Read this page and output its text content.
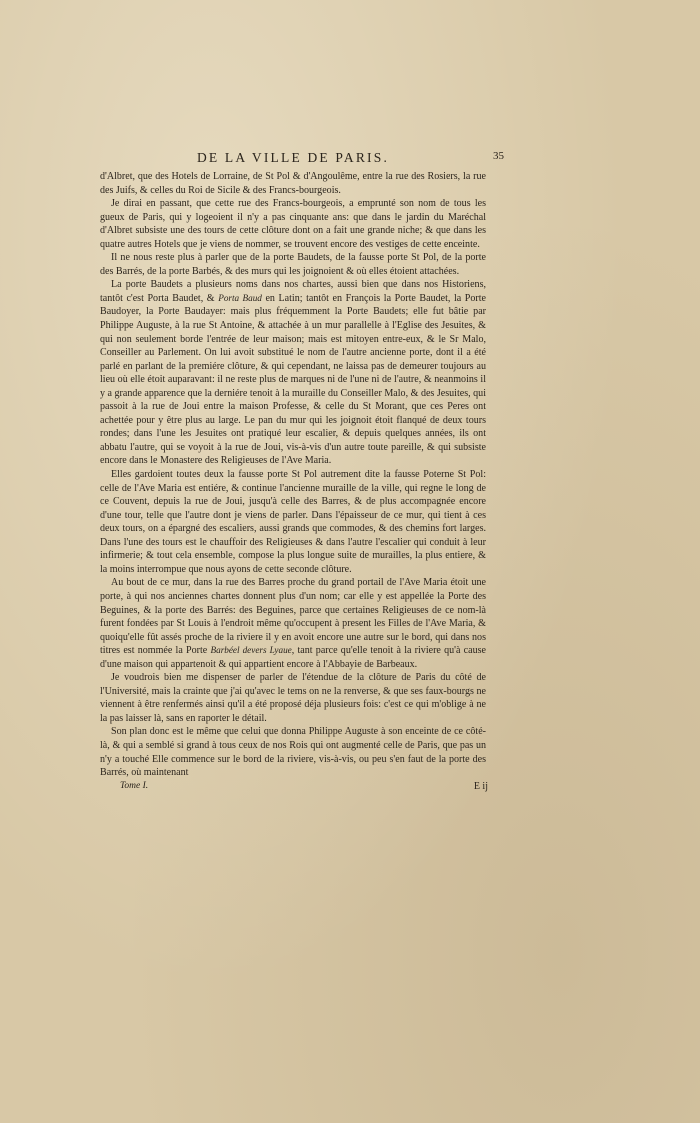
DE LA VILLE DE PARIS.	35

d'Albret, que des Hotels de Lorraine, de St Pol & d'Angoulême, entre la rue des Rosiers, la rue des Juifs, & celles du Roi de Sicile & des Francs-bourgeois.

Je dirai en passant, que cette rue des Francs-bourgeois, a emprunté son nom de tous les gueux de Paris, qui y logeoient il n'y a pas cinquante ans: que dans le jardin du Maréchal d'Albret subsiste une des tours de cette clôture dont on a fait une grande niche; & que dans les quatre autres Hotels que je viens de nommer, se trouvent encore des vestiges de cette enceinte.

Il ne nous reste plus à parler que de la porte Baudets, de la fausse porte St Pol, de la porte des Barrés, de la porte Barbés, & des murs qui les joignoient & où elles étoient attachées.

La porte Baudets a plusieurs noms dans nos chartes, aussi bien que dans nos Historiens, tantôt c'est Porta Baudet, & Porta Baud en Latin; tantôt en François la Porte Baudet, la Porte Baudoyer, la Porte Baudayer: mais plus fréquemment la Porte Baudets; elle fut bâtie par Philippe Auguste, à la rue St Antoine, & attachée à un mur parallelle à l'Eglise des Jesuites, & qui non seulement borde l'entrée de leur maison; mais est mitoyen entre-eux, & le Sr Malo, Conseiller au Parlement. On lui avoit substitué le nom de l'autre ancienne porte, dont il a été parlé en parlant de la premiére clôture, & qui cependant, ne laissa pas de demeurer toujours au lieu où elle étoit auparavant: il ne reste plus de marques ni de l'une ni de l'autre, & neanmoins il y a grande apparence que la derniére tenoit à la muraille du Conseiller Malo, & des Jesuites, qui passoit à la rue de Joui entre la maison Professe, & celle du St Morant, que ces Peres ont achettée pour y être plus au large. Le pan du mur qui les joignoit étoit flanqué de deux tours rondes; dans l'une les Jesuites ont pratiqué leur escalier, & depuis quelques années, ils ont abbatu l'autre, qui se voyoit à la rue de Joui, vis-à-vis d'un autre toute pareille, & qui subsiste encore dans le Monastere des Religieuses de l'Ave Maria.

Elles gardoient toutes deux la fausse porte St Pol autrement dite la fausse Poterne St Pol: celle de l'Ave Maria est entiére, & continue l'ancienne muraille de la ville, qui regne le long de ce Couvent, depuis la rue de Joui, jusqu'à celle des Barres, & de plus accompagnée encore d'une tour, telle que l'autre dont je viens de parler. Dans l'épaisseur de ce mur, qui tient à ces deux tours, on a épargné des escaliers, aussi grands que commodes, & des chemins fort larges. Dans l'une des tours est le chauffoir des Religieuses & dans l'autre l'escalier qui conduit à leur infirmerie; & tout cela ensemble, compose la plus longue suite de murailles, la plus entiere, & la moins interrompue que nous ayons de cette seconde clôture.

Au bout de ce mur, dans la rue des Barres proche du grand portail de l'Ave Maria étoit une porte, à qui nos anciennes chartes donnent plus d'un nom; car elle y est appellée la Porte des Beguines, & la porte des Barrés: des Beguines, parce que certaines Religieuses de ce nom-là furent fondées par St Louis à l'endroit même qu'occupent à present les Filles de l'Ave Maria, & quoiqu'elle fût assés proche de la riviere il y en avoit encore une autre sur le bord, qui dans nos titres est nommée la Porte Barbéel devers Lyaue, tant parce qu'elle tenoit à la riviere qu'à cause d'une maison qui appartenoit & qui appartient encore à l'Abbayie de Barbeaux.

Je voudrois bien me dispenser de parler de l'étendue de la clôture de Paris du côté de l'Université, mais la crainte que j'ai qu'avec le tems on ne la renverse, & que ses faux-bourgs ne viennent à être renfermés ainsi qu'il a été proposé déja plusieurs fois: c'est ce qui m'oblige à ne la pas laisser là, sans en raporter le détail.

Son plan donc est le même que celui que donna Philippe Auguste à son enceinte de ce côté-là, & qui a semblé si grand à tous ceux de nos Rois qui ont augmenté celle de Paris, que pas un n'y a touché Elle commence sur le bord de la riviere, vis-à-vis, ou peu s'en faut de la porte des Barrés, où maintenant

Tome I.	E ij
